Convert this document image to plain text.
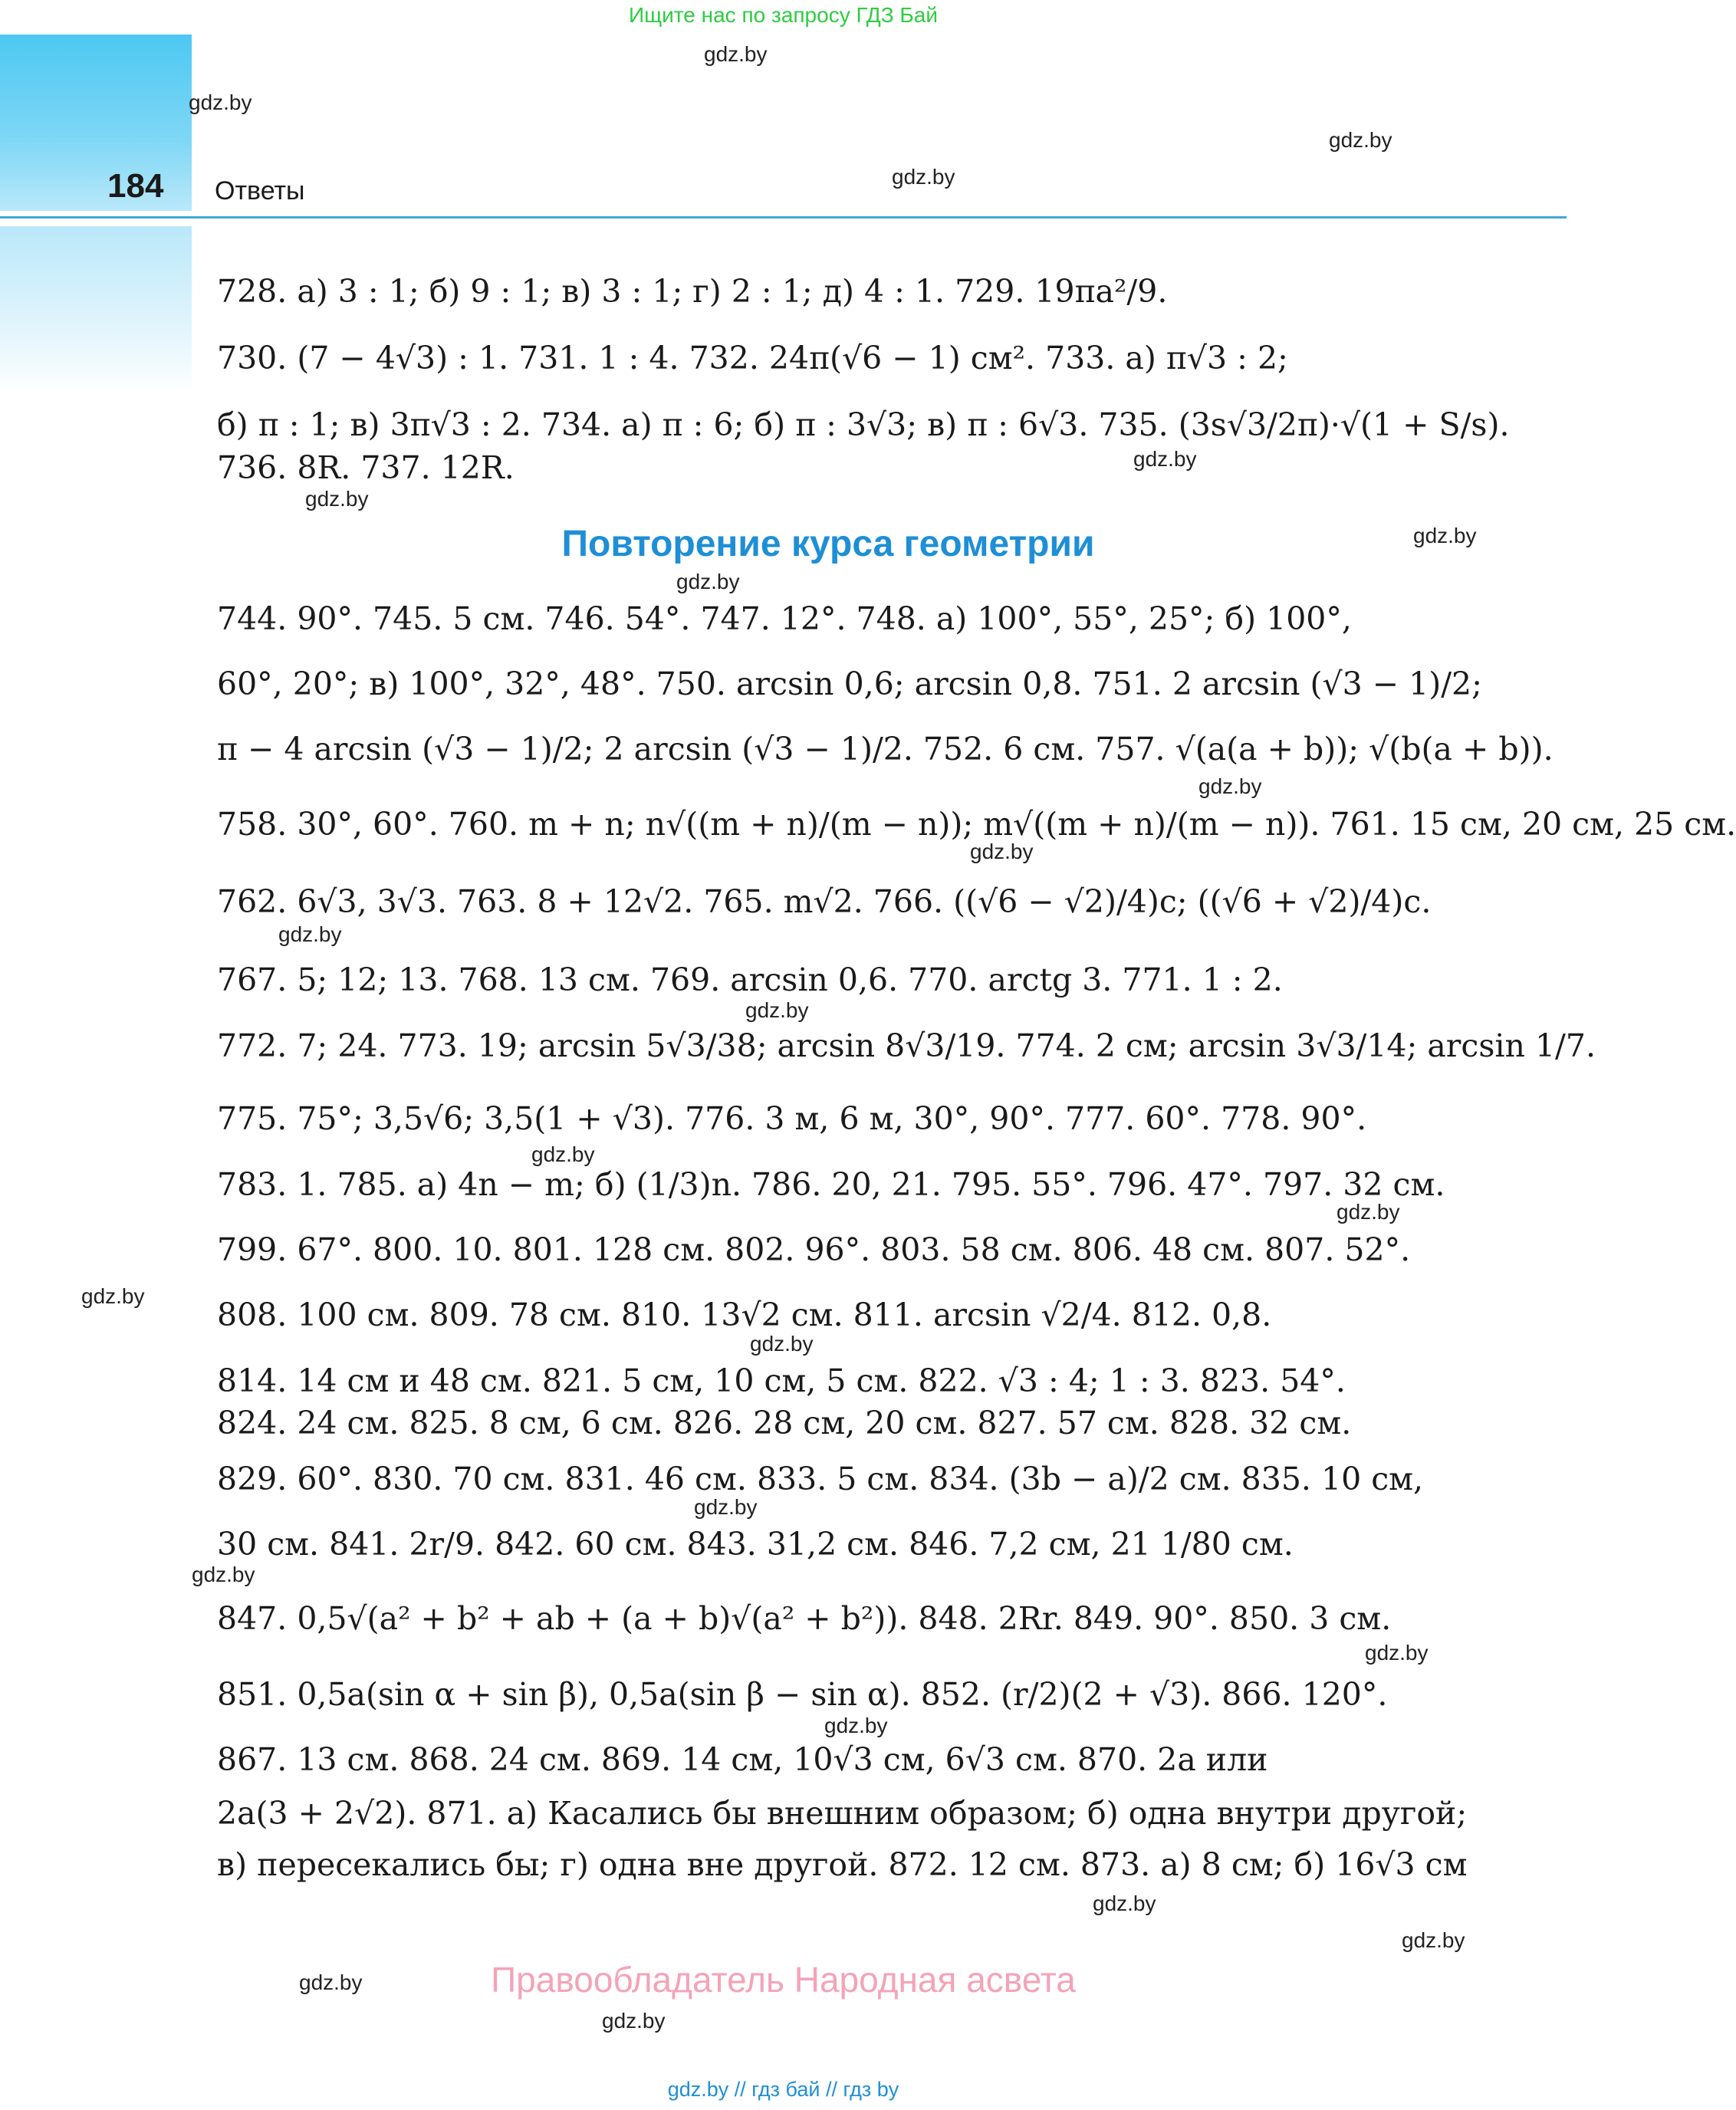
Ищите нас по запросу ГДЗ Бай
gdz.by
gdz.by
gdz.by
gdz.by
184 Ответы
728. а) 3 : 1; б) 9 : 1; в) 3 : 1; г) 2 : 1; д) 4 : 1. 729. 19πa²/9.
730. (7 − 4√3) : 1. 731. 1 : 4. 732. 24π(√6 − 1) см². 733. а) π√3 : 2;
б) π : 1; в) 3π√3 : 2. 734. а) π : 6; б) π : 3√3; в) π : 6√3. 735. (3s√3/2π)·√(1 + S/s).
736. 8R. 737. 12R.	gdz.by
gdz.by
gdz.by
Повторение курса геометрии
gdz.by
744. 90°. 745. 5 см. 746. 54°. 747. 12°. 748. а) 100°, 55°, 25°; б) 100°,
60°, 20°; в) 100°, 32°, 48°. 750. arcsin 0,6; arcsin 0,8. 751. 2 arcsin (√3 − 1)/2;
π − 4 arcsin (√3 − 1)/2; 2 arcsin (√3 − 1)/2. 752. 6 см. 757. √(a(a + b)); √(b(a + b)).
gdz.by
758. 30°, 60°. 760. m + n; n√((m + n)/(m − n)); m√((m + n)/(m − n)). 761. 15 см, 20 см, 25 см.
gdz.by
762. 6√3, 3√3. 763. 8 + 12√2. 765. m√2. 766. ((√6 − √2)/4)c; ((√6 + √2)/4)c.
gdz.by
767. 5; 12; 13. 768. 13 см. 769. arcsin 0,6. 770. arctg 3. 771. 1 : 2.
gdz.by
772. 7; 24. 773. 19; arcsin 5√3/38; arcsin 8√3/19. 774. 2 см; arcsin 3√3/14; arcsin 1/7.
775. 75°; 3,5√6; 3,5(1 + √3). 776. 3 м, 6 м, 30°, 90°. 777. 60°. 778. 90°.
gdz.by
783. 1. 785. а) 4n − m; б) (1/3)n. 786. 20, 21. 795. 55°. 796. 47°. 797. 32 см.
gdz.by
799. 67°. 800. 10. 801. 128 см. 802. 96°. 803. 58 см. 806. 48 см. 807. 52°.
gdz.by
808. 100 см. 809. 78 см. 810. 13√2 см. 811. arcsin √2/4. 812. 0,8.
gdz.by
814. 14 см и 48 см. 821. 5 см, 10 см, 5 см. 822. √3 : 4; 1 : 3. 823. 54°.
824. 24 см. 825. 8 см, 6 см. 826. 28 см, 20 см. 827. 57 см. 828. 32 см.
829. 60°. 830. 70 см. 831. 46 см. 833. 5 см. 834. (3b − a)/2 см. 835. 10 см,
gdz.by
30 см. 841. 2r/9. 842. 60 см. 843. 31,2 см. 846. 7,2 см, 21 1/80 см.
gdz.by
847. 0,5√(a² + b² + ab + (a + b)√(a² + b²)). 848. 2Rr. 849. 90°. 850. 3 см.
gdz.by
851. 0,5a(sin α + sin β), 0,5a(sin β − sin α). 852. (r/2)(2 + √3). 866. 120°.
gdz.by
867. 13 см. 868. 24 см. 869. 14 см, 10√3 см, 6√3 см. 870. 2a или
2a(3 + 2√2). 871. а) Касались бы внешним образом; б) одна внутри другой;
в) пересекались бы; г) одна вне другой. 872. 12 см. 873. а) 8 см; б) 16√3 см
gdz.by
gdz.by
gdz.by	Правообладатель Народная асвета
gdz.by
gdz.by // гдз бай // гдз by
